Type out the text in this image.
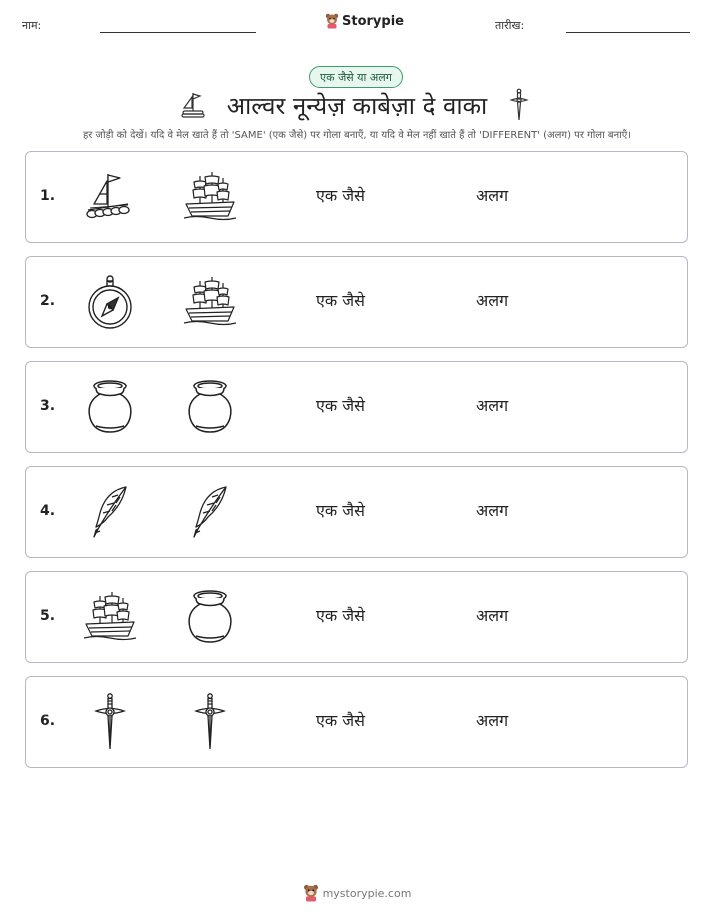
नाम:	Storypie	तारीख:
एक जैसे या अलग
आल्वर नून्येज़ काबेज़ा दे वाका
हर जोड़ी को देखें। यदि वे मेल खाते हैं तो 'SAME' (एक जैसे) पर गोला बनाएँ, या यदि वे मेल नहीं खाते हैं तो 'DIFFERENT' (अलग) पर गोला बनाएँ।
1.	एक जैसे	अलग
2.	एक जैसे	अलग
3.	एक जैसे	अलग
4.	एक जैसे	अलग
5.	एक जैसे	अलग
6.	एक जैसे	अलग
mystorypie.com
